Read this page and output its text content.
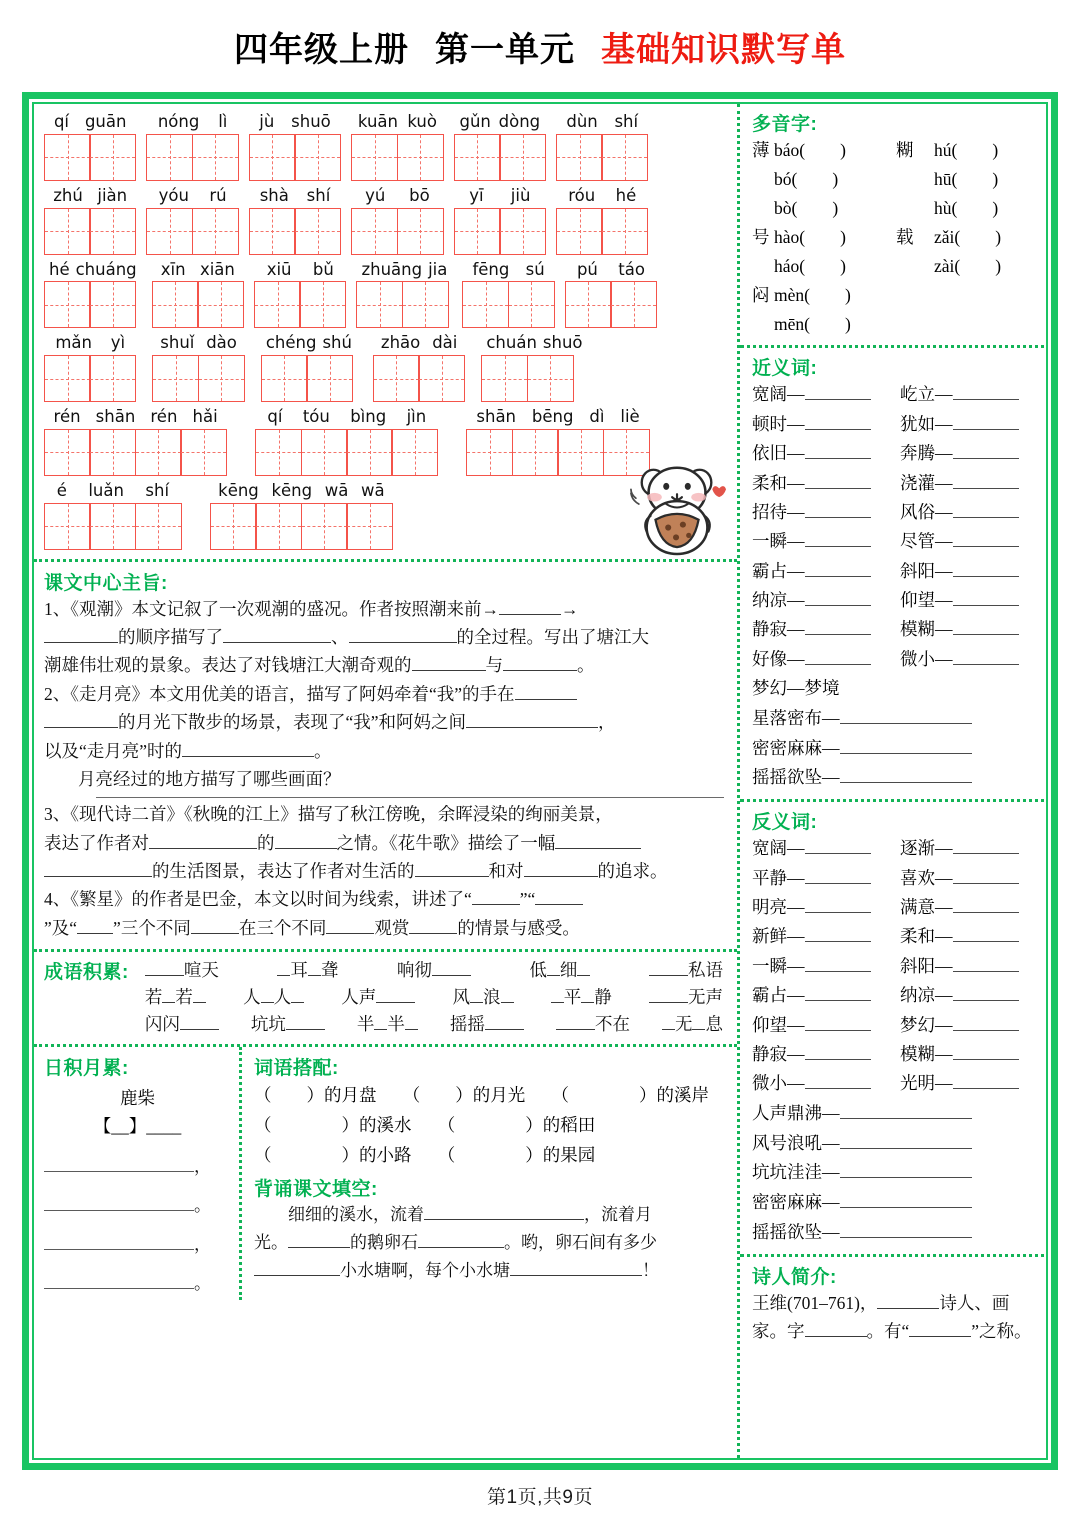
四年级上册 第一单元 基础知识默写单
qí guān nóng lì jù shuō kuān kuò gǔn dòng dùn shí
zhú jiàn yóu rú shà shí yú bō yī jiù róu hé
hé chuáng xīn xiān xiū bǔ zhuāng jia fēng sú pú táo
mǎn yì shuǐ dào chéng shú zhāo dài chuán shuō
rén shān rén hǎi	qí tóu bìng jìn	shān bēng dì liè
é luǎn shí	kēng kēng wā wā
课文中心主旨:
1、《观潮》本文记叙了一次观潮的盛况。作者按照潮来前→	→
的顺序描写了	、	的全过程。写出了塘江大
潮雄伟壮观的景象。表达了对钱塘江大潮奇观的	与	。
2、《走月亮》本文用优美的语言，描写了阿妈牵着“我”的手在
的月光下散步的场景，表现了“我”和阿妈之间	，
以及“走月亮”时的	。
月亮经过的地方描写了哪些画面？
3、《现代诗二首》《秋晚的江上》描写了秋江傍晚，余晖浸染的绚丽美景，
表达了作者对	的	之情。《花牛歌》描绘了一幅
的生活图景，表达了作者对生活的	和对	的追求。
4、《繁星》的作者是巴金，本文以时间为线索，讲述了“	”“
”及“ ”三个不同	在三个不同	观赏	的情景与感受。
成语积累:	喧天	耳 聋	响彻	低 细	私语
若 若	人 人	人声	风 浪	平 静	无声
闪闪	坑坑	半 半	摇摇	不在	无 息
日积月累:
鹿柴
【__】____
，
。
，
。
词语搭配:
（　　）的月盘　　（　　）的月光　　（　　　　）的溪岸
（　　　　）的溪水　　（　　　　）的稻田
（　　　　）的小路　　（　　　　）的果园
背诵课文填空:
细细的溪水，流着	，流着月
光。	的鹅卵石	。哟，卵石间有多少
小水塘啊，每个小水塘	！
多音字:
薄 báo(　　)	糊	hú(　　)
bó(　　)	hū(　　)
bò(　　)	hù(　　)
号 hào(　　)	载	zǎi(　　)
háo(　　)	zài(　　)
闷 mèn(　　)
mēn(　　)
近义词:
宽阔—	屹立—
顿时—	犹如—
依旧—	奔腾—
柔和—	浇灌—
招待—	风俗—
一瞬—	尽管—
霸占—	斜阳—
纳凉—	仰望—
静寂—	模糊—
好像—	微小—
梦幻—梦境
星落密布—
密密麻麻—
摇摇欲坠—
反义词:
宽阔—	逐渐—
平静—	喜欢—
明亮—	满意—
新鲜—	柔和—
一瞬—	斜阳—
霸占—	纳凉—
仰望—	梦幻—
静寂—	模糊—
微小—	光明—
人声鼎沸—
风号浪吼—
坑坑洼洼—
密密麻麻—
摇摇欲坠—
诗人简介:
王维(701–761)，	诗人、画
家。字	。有“	”之称。
第1页,共9页
